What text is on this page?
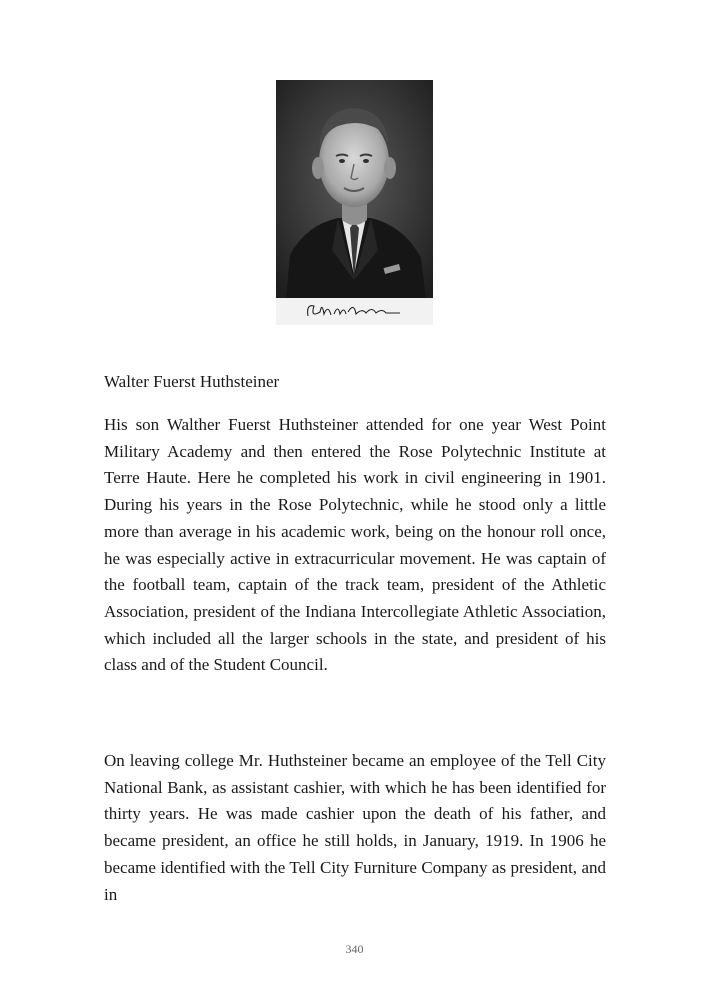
Walter Fuerst Huthsteiner

His son Walther Fuerst Huthsteiner attended for one year West Point Military Academy and then entered the Rose Polytechnic Institute at Terre Haute. Here he completed his work in civil engineering in 1901. During his years in the Rose Polytechnic, while he stood only a little more than average in his academic work, being on the honour roll once, he was especially active in extracurricular movement. He was captain of the football team, captain of the track team, president of the Athletic Association, president of the Indiana Intercollegiate Athletic Association, which included all the larger schools in the state, and president of his class and of the Student Council.

On leaving college Mr. Huthsteiner became an employee of the Tell City National Bank, as assistant cashier, with which he has been identified for thirty years. He was made cashier upon the death of his father, and became president, an office he still holds, in January, 1919. In 1906 he became identified with the Tell City Furniture Company as president, and in

340
